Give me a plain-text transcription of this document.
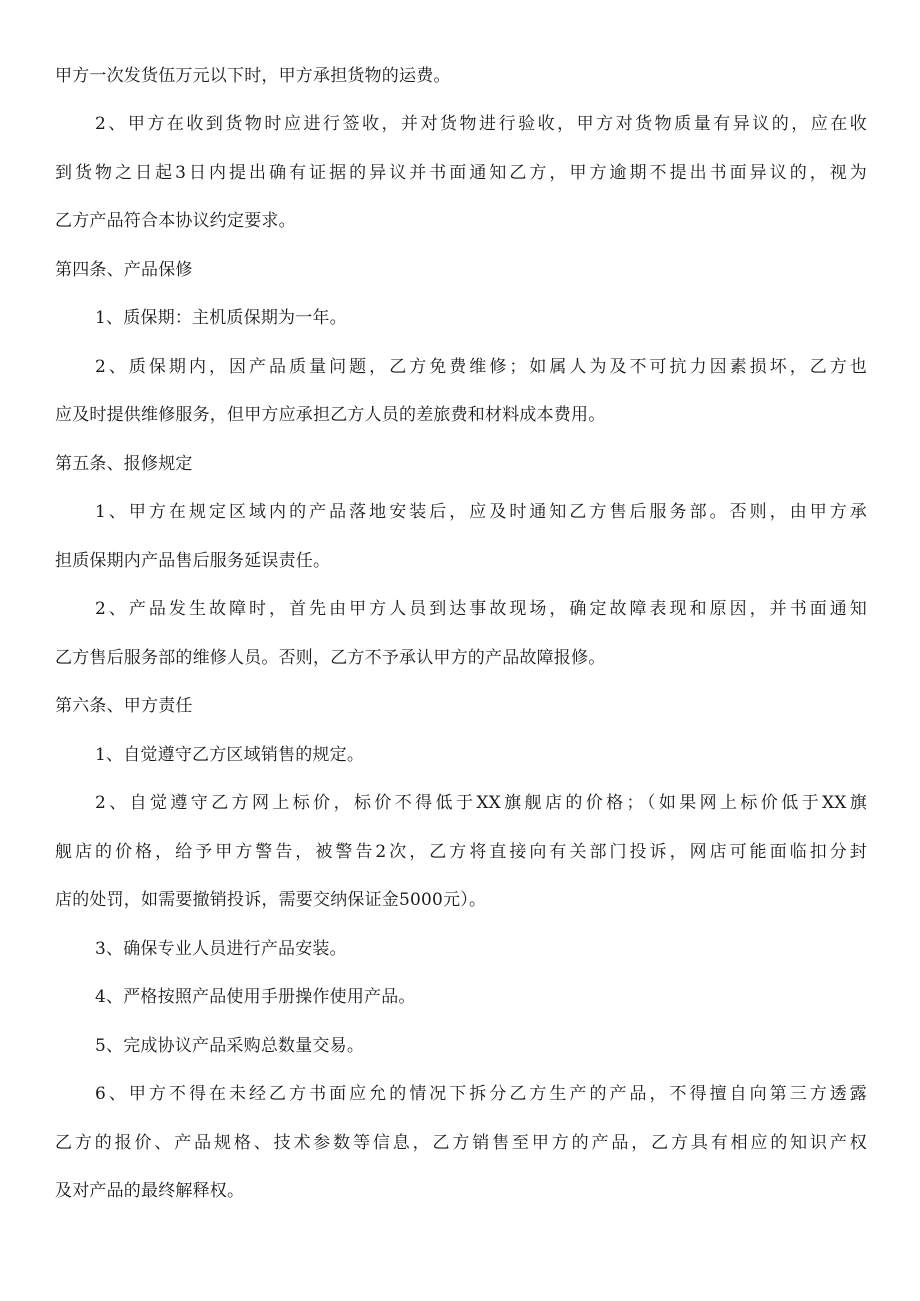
甲方一次发货伍万元以下时，甲方承担货物的运费。
2、甲方在收到货物时应进行签收，并对货物进行验收，甲方对货物质量有异议的，应在收
到货物之日起3日内提出确有证据的异议并书面通知乙方，甲方逾期不提出书面异议的，视为
乙方产品符合本协议约定要求。
第四条、产品保修
1、质保期：主机质保期为一年。
2、质保期内，因产品质量问题，乙方免费维修；如属人为及不可抗力因素损坏，乙方也
应及时提供维修服务，但甲方应承担乙方人员的差旅费和材料成本费用。
第五条、报修规定
1、甲方在规定区域内的产品落地安装后，应及时通知乙方售后服务部。否则，由甲方承
担质保期内产品售后服务延误责任。
2、产品发生故障时，首先由甲方人员到达事故现场，确定故障表现和原因，并书面通知
乙方售后服务部的维修人员。否则，乙方不予承认甲方的产品故障报修。
第六条、甲方责任
1、自觉遵守乙方区域销售的规定。
2、自觉遵守乙方网上标价，标价不得低于XX旗舰店的价格；（如果网上标价低于XX旗
舰店的价格，给予甲方警告，被警告2次，乙方将直接向有关部门投诉，网店可能面临扣分封
店的处罚，如需要撤销投诉，需要交纳保证金5000元）。
3、确保专业人员进行产品安装。
4、严格按照产品使用手册操作使用产品。
5、完成协议产品采购总数量交易。
6、甲方不得在未经乙方书面应允的情况下拆分乙方生产的产品，不得擅自向第三方透露
乙方的报价、产品规格、技术参数等信息，乙方销售至甲方的产品，乙方具有相应的知识产权
及对产品的最终解释权。
